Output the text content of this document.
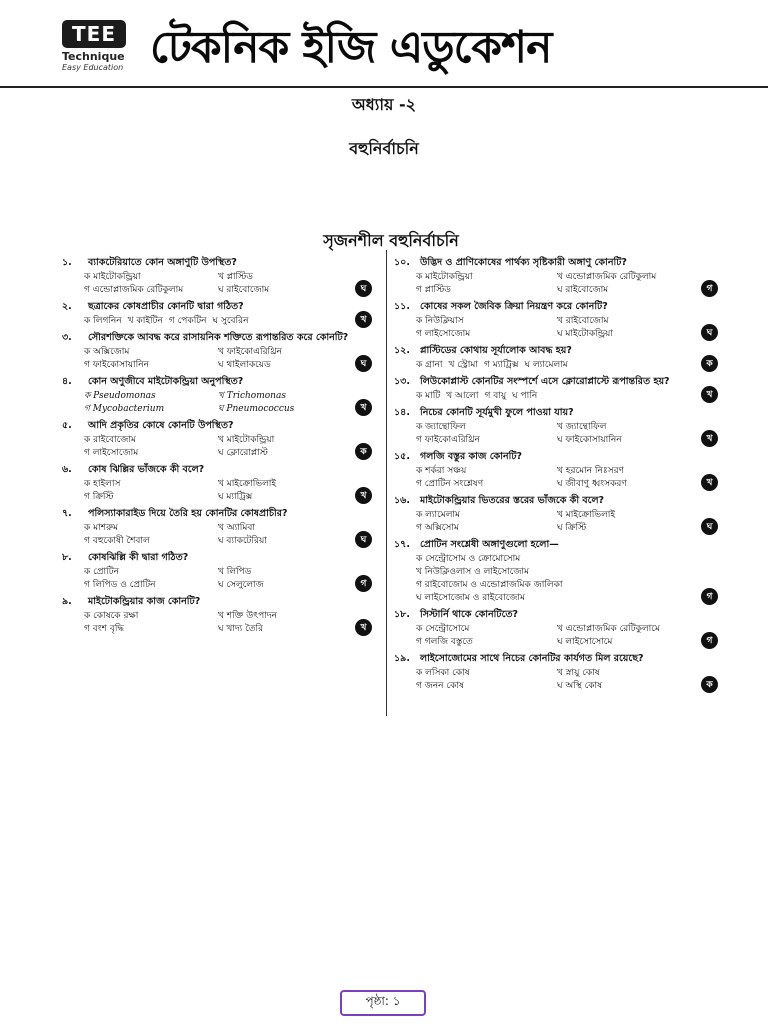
TEE
Technique
Easy Education টেকনিক ইজি এডুকেশন
অধ্যায় -২
বহুনির্বাচনি
সৃজনশীল বহুনির্বাচনি
১.	ব্যাকটেরিয়াতে কোন অঙ্গাণুটি উপস্থিত?
ক মাইটোকন্ড্রিয়া	খ প্লাস্টিড
গ এন্ডোপ্লাজমিক রেটিকুলাম	ঘ রাইবোজোম	ঘ
২.	ছত্রাকের কোষপ্রাচীর কোনটি দ্বারা গঠিত?
ক লিগনিন খ কাইটিন গ পেকটিন ঘ সুবেরিন	খ
৩.	সৌরশক্তিকে আবদ্ধ করে রাসায়নিক শক্তিতে রূপান্তরিত করে কোনটি?
ক অক্সিজোম	খ ফাইকোএরিথ্রিন
গ ফাইকোসায়ানিন	ঘ থাইলাকয়েড	ঘ
৪.	কোন অণুজীবে মাইটোকন্ড্রিয়া অনুপস্থিত?
ক Pseudomonas	খ Trichomonas
গ Mycobacterium	ঘ Pneumococcus	খ
৫.	আদি প্রকৃতির কোষে কোনটি উপস্থিত?
ক রাইবোজোম	খ মাইটোকন্ড্রিয়া
গ লাইসোজোম	ঘ ক্লোরোপ্লাস্ট	ক
৬.	কোষ ঝিল্লির ভাঁজকে কী বলে?
ক হাইলাস	খ মাইক্রোভিলাই
গ ক্রিস্টি	ঘ ম্যাট্রিক্স	খ
৭.	পলিস্যাকারাইড দিয়ে তৈরি হয় কোনটির কোষপ্রাচীর?
ক মাশরুম	খ অ্যামিবা
গ বহুকোষী শৈবাল	ঘ ব্যাকটেরিয়া	ঘ
৮.	কোষঝিল্লি কী দ্বারা গঠিত?
ক প্রোটিন	খ লিপিড
গ লিপিড ও প্রোটিন	ঘ সেলুলোজ	গ
৯.	মাইটোকন্ড্রিয়ার কাজ কোনটি?
ক কোষকে রক্ষা	খ শক্তি উৎপাদন
গ বংশ বৃদ্ধি	ঘ খাদ্য তৈরি	খ
১০.	উদ্ভিদ ও প্রাণিকোষের পার্থক্য সৃষ্টিকারী অঙ্গাণু কোনটি?
ক মাইটোকন্ড্রিয়া	খ এন্ডোপ্লাজমিক রেটিকুলাম
গ প্লাস্টিড	ঘ রাইবোজোম	গ
১১.	কোষের সকল জৈবিক ক্রিয়া নিয়ন্ত্রণ করে কোনটি?
ক নিউক্লিয়াস	খ রাইবোজোম
গ লাইসোজোম	ঘ মাইটোকন্ড্রিয়া	ঘ
১২.	প্লাস্টিডের কোথায় সূর্যালোক আবদ্ধ হয়?
ক গ্রানা খ স্ট্রোমা গ ম্যাট্রিক্স ঘ ল্যামেলাম	ক
১৩.	লিউকোপ্লাস্ট কোনটির সংস্পর্শে এসে ক্লোরোপ্লাস্টে রূপান্তরিত হয়?
ক মাটি খ আলো গ বায়ু ঘ পানি	খ
১৪.	নিচের কোনটি সূর্যমুখী ফুলে পাওয়া যায়?
ক জ্যান্থোফিল	খ জ্যান্থোফিল
গ ফাইকোএরিথ্রিন	ঘ ফাইকোসায়ানিন	খ
১৫.	গলজি বস্তুর কাজ কোনটি?
ক শর্করা সঞ্চয়	খ হরমোন নিঃসরণ
গ প্রোটিন সংশ্লেষণ	ঘ জীবাণু ধ্বংসকরণ	খ
১৬.	মাইটোকন্ড্রিয়ার ভিতরের স্তরের ভাঁজকে কী বলে?
ক ল্যামেলাম	খ মাইক্রোভিলাই
গ অক্সিসোম	ঘ ক্রিস্টি	ঘ
১৭.	প্রোটিন সংশ্লেষী অঙ্গাণুগুলো হলো—
ক সেন্ট্রোসোম ও ক্রোমোসোম
খ নিউক্লিওলাস ও লাইসোজোম
গ রাইবোজোম ও এন্ডোপ্লাজমিক জালিকা
ঘ লাইসোজোম ও রাইবোজোম	গ
১৮.	সিস্টার্নি থাকে কোনটিতে?
ক সেন্ট্রোসোমে	খ এন্ডোপ্লাজমিক রেটিকুলামে
গ গলজি বস্তুতে	ঘ লাইসোসোমে	গ
১৯.	লাইসোজোমের সাথে নিচের কোনটির কার্যগত মিল রয়েছে?
ক লসিকা কোষ	খ স্নায়ু কোষ
গ জনন কোষ	ঘ অস্থি কোষ	ক
পৃষ্ঠা: ১
